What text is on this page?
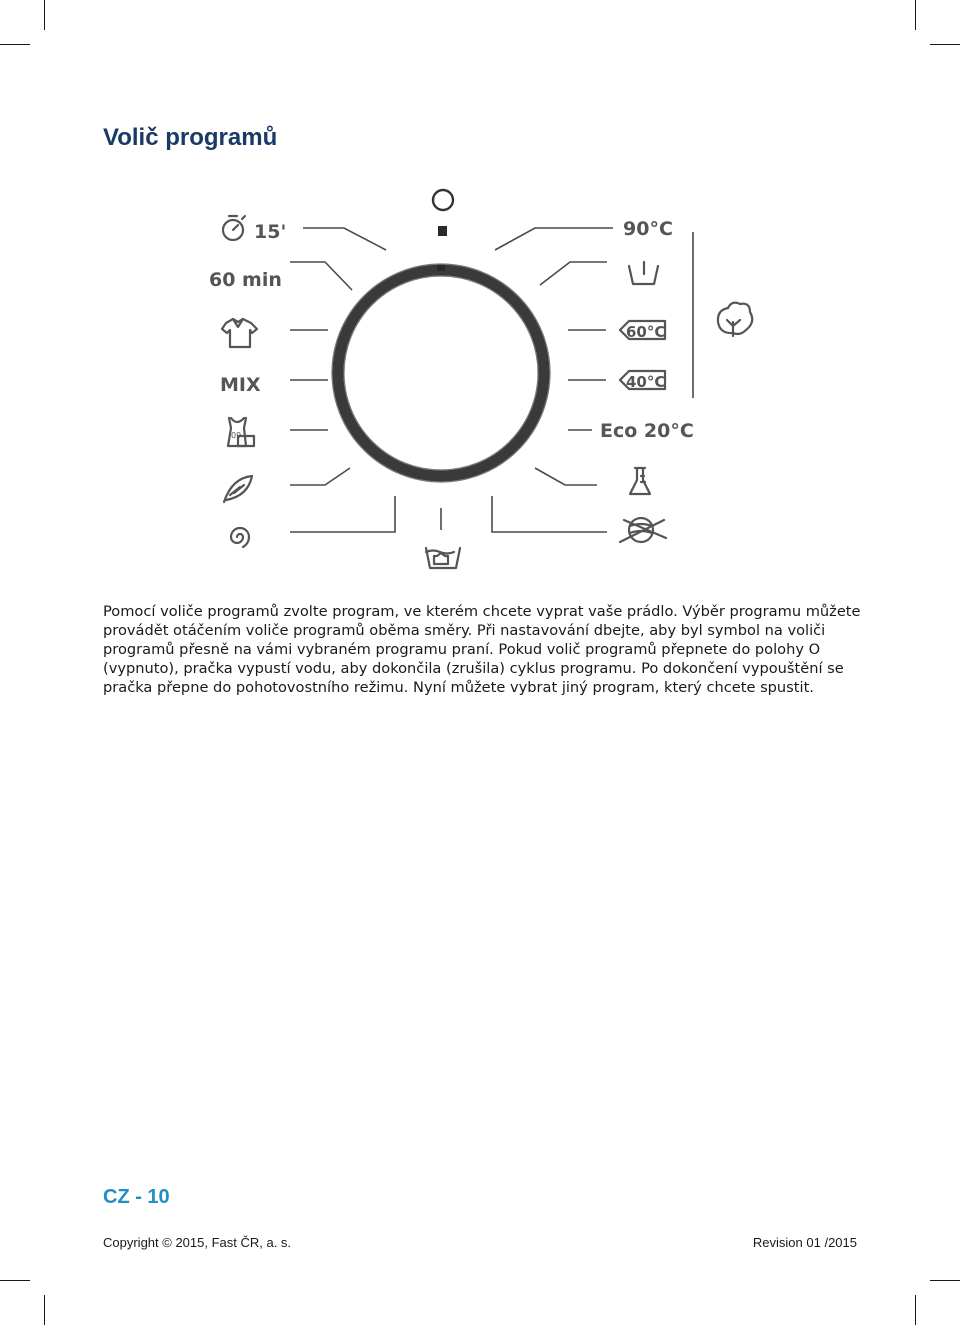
Volič programů
15'
60 min
MIX
09
90°C
60°C
40°C
Eco 20°C

Pomocí voliče programů zvolte program, ve kterém chcete vyprat vaše prádlo. Výběr programu můžete provádět otáčením voliče programů oběma směry. Při nastavování dbejte, aby byl symbol na voliči programů přesně na vámi vybraném programu praní. Pokud volič programů přepnete do polohy O (vypnuto), pračka vypustí vodu, aby dokončila (zrušila) cyklus programu. Po dokončení vypouštění se pračka přepne do pohotovostního režimu. Nyní můžete vybrat jiný program, který chcete spustit.

CZ - 10
Copyright © 2015, Fast ČR, a. s.	Revision 01 /2015
